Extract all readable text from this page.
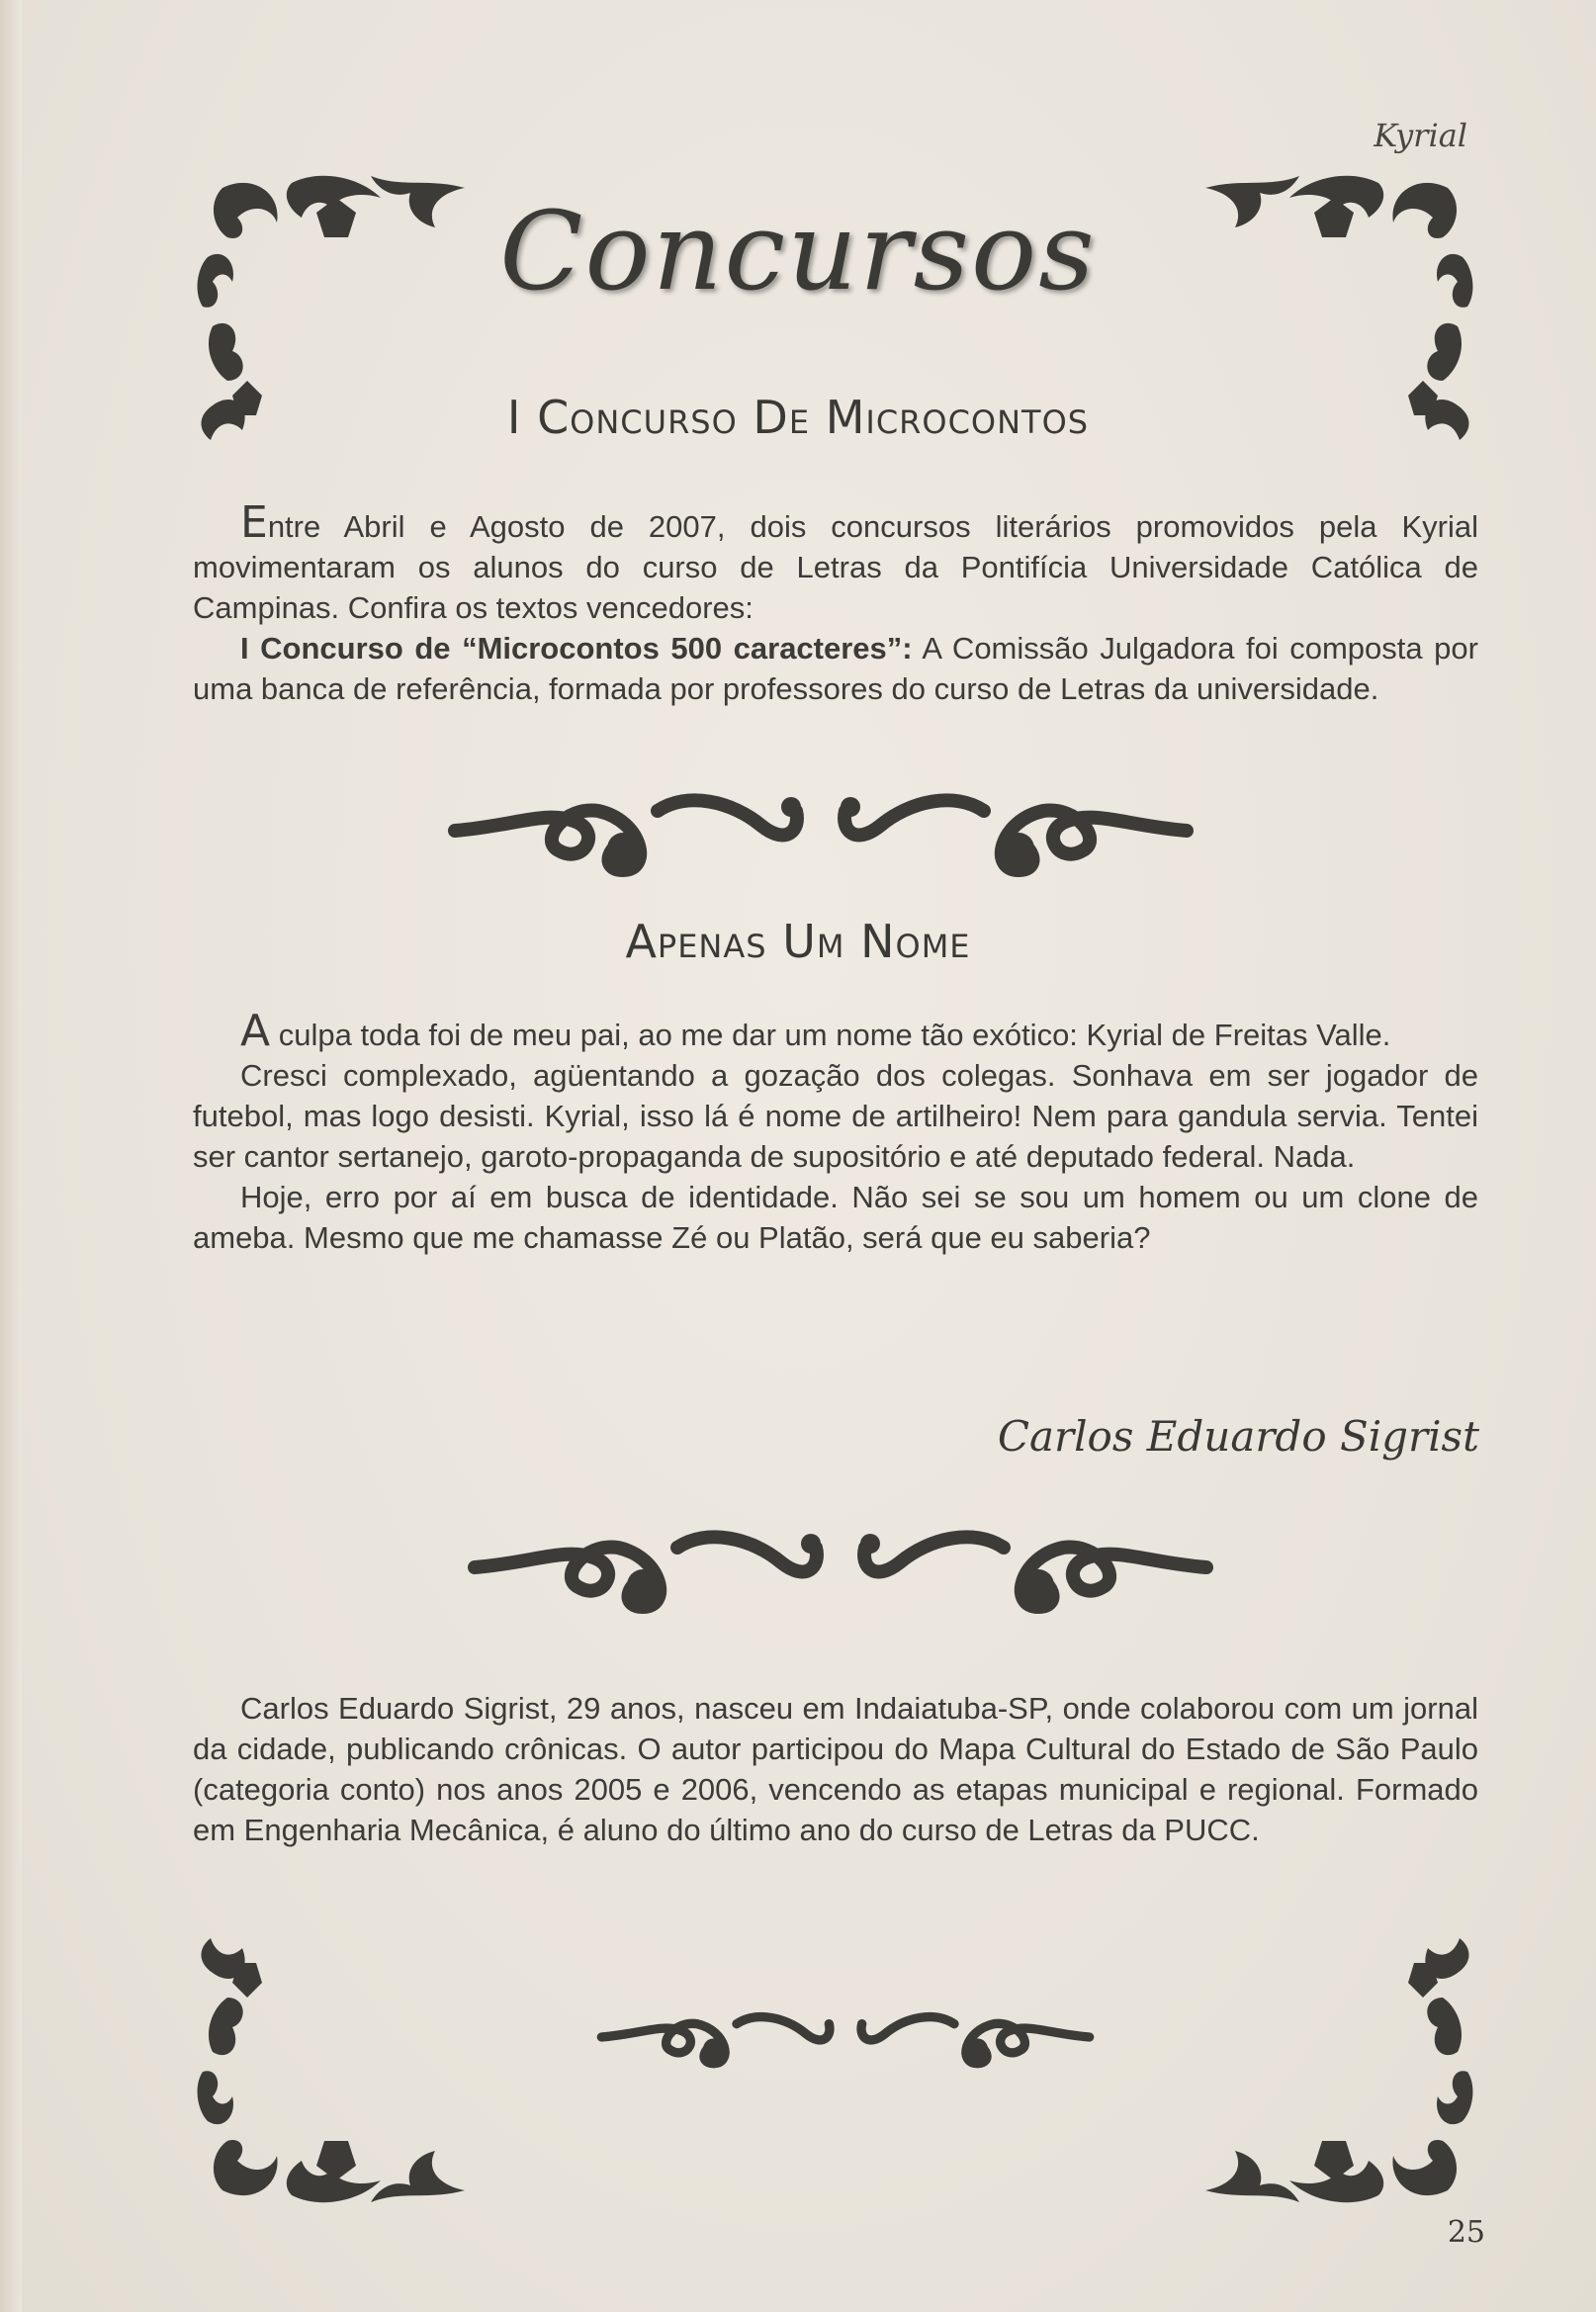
Kyrial
Concursos
I Concurso De Microcontos

Entre Abril e Agosto de 2007, dois concursos literários promovidos pela Kyrial movimentaram os alunos do curso de Letras da Pontifícia Universidade Católica de Campinas. Confira os textos vencedores:

I Concurso de “Microcontos 500 caracteres”: A Comissão Julgadora foi composta por uma banca de referência, formada por professores do curso de Letras da universidade.

Apenas Um Nome

A culpa toda foi de meu pai, ao me dar um nome tão exótico: Kyrial de Freitas Valle.

Cresci complexado, agüentando a gozação dos colegas. Sonhava em ser jogador de futebol, mas logo desisti. Kyrial, isso lá é nome de artilheiro! Nem para gandula servia. Tentei ser cantor sertanejo, garoto-propaganda de supositório e até deputado federal. Nada.

Hoje, erro por aí em busca de identidade. Não sei se sou um homem ou um clone de ameba. Mesmo que me chamasse Zé ou Platão, será que eu saberia?

Carlos Eduardo Sigrist

Carlos Eduardo Sigrist, 29 anos, nasceu em Indaiatuba-SP, onde colaborou com um jornal da cidade, publicando crônicas. O autor participou do Mapa Cultural do Estado de São Paulo (categoria conto) nos anos 2005 e 2006, vencendo as etapas municipal e regional. Formado em Engenharia Mecânica, é aluno do último ano do curso de Letras da PUCC.

25
